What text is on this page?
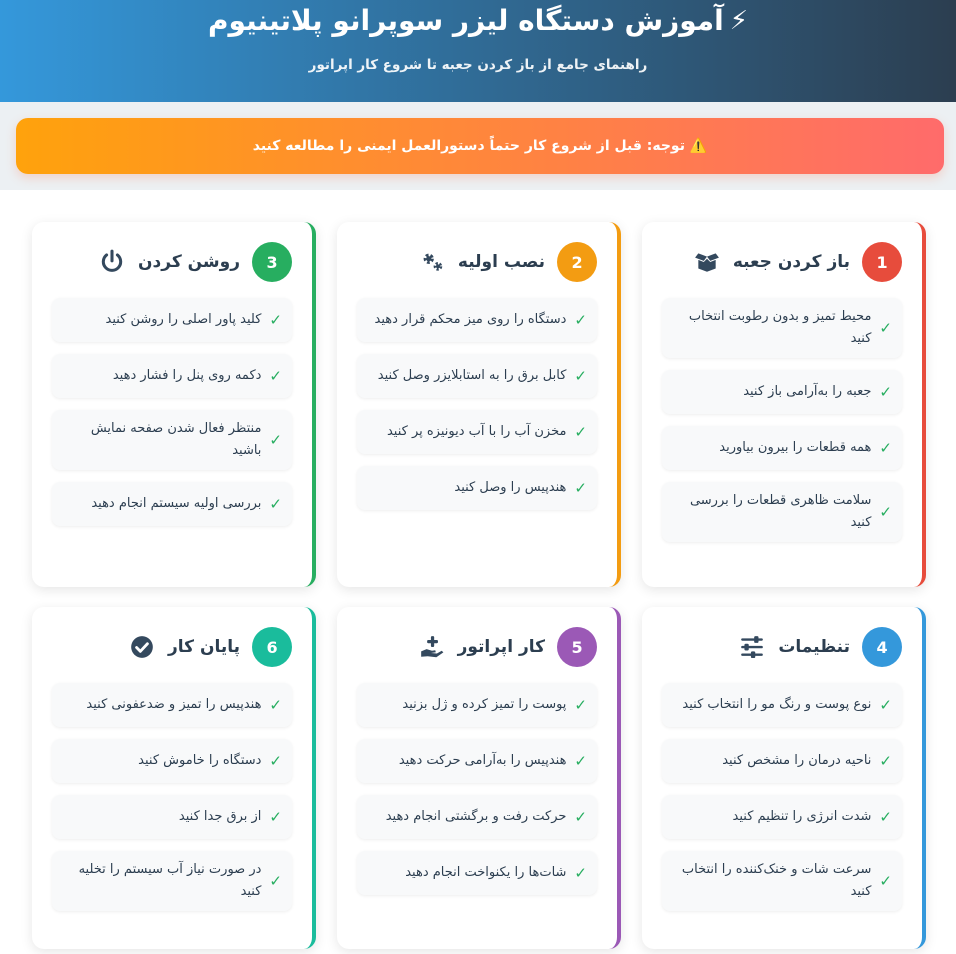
⚡
آموزش دستگاه لیزر سوپرانو پلاتینیوم
راهنمای جامع از باز کردن جعبه تا شروع کار اپراتور
⚠️ توجه: قبل از شروع کار حتماً دستورالعمل ایمنی را مطالعه کنید
1
باز کردن جعبه
✓
محیط تمیز و بدون رطوبت انتخاب کنید
✓
جعبه را به‌آرامی باز کنید
✓
همه قطعات را بیرون بیاورید
✓
سلامت ظاهری قطعات را بررسی کنید
2
نصب اولیه
✓
دستگاه را روی میز محکم قرار دهید
✓
کابل برق را به استابلایزر وصل کنید
✓
مخزن آب را با آب دیونیزه پر کنید
✓
هندپیس را وصل کنید
3
روشن کردن
✓
کلید پاور اصلی را روشن کنید
✓
دکمه روی پنل را فشار دهید
✓
منتظر فعال شدن صفحه نمایش باشید
✓
بررسی اولیه سیستم انجام دهید
4
تنظیمات
✓
نوع پوست و رنگ مو را انتخاب کنید
✓
ناحیه درمان را مشخص کنید
✓
شدت انرژی را تنظیم کنید
✓
سرعت شات و خنک‌کننده را انتخاب کنید
5
کار اپراتور
✓
پوست را تمیز کرده و ژل بزنید
✓
هندپیس را به‌آرامی حرکت دهید
✓
حرکت رفت و برگشتی انجام دهید
✓
شات‌ها را یکنواخت انجام دهید
6
پایان کار
✓
هندپیس را تمیز و ضدعفونی کنید
✓
دستگاه را خاموش کنید
✓
از برق جدا کنید
✓
در صورت نیاز آب سیستم را تخلیه کنید
